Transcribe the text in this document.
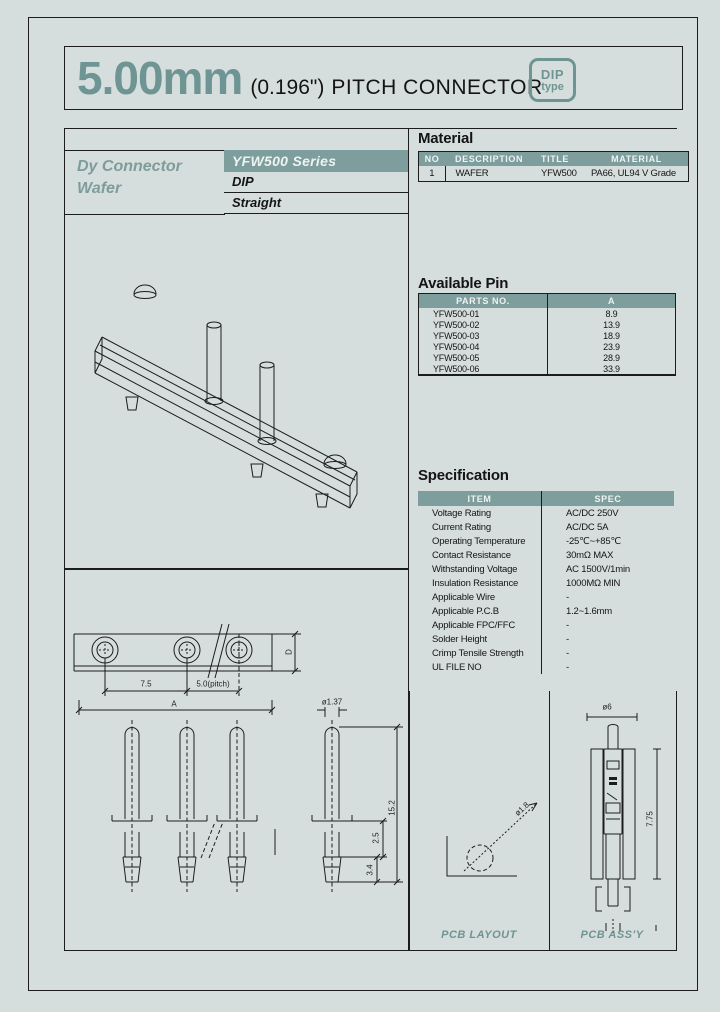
5.00mm (0.196") PITCH CONNECTOR
DIP
type
Dy Connector
Wafer
YFW500 Series
DIP
Straight
7.5	5.0(pitch)
A
D
ø1.37
15.2
2.5
3.4
Material
NO	DESCRIPTION	TITLE	MATERIAL
1	WAFER	YFW500	PA66, UL94 V Grade
Available Pin
PARTS NO.	A
YFW500-01	8.9
YFW500-02	13.9
YFW500-03	18.9
YFW500-04	23.9
YFW500-05	28.9
YFW500-06	33.9
Specification
ITEM	SPEC
Voltage Rating	AC/DC 250V
Current Rating	AC/DC 5A
Operating Temperature	-25℃~+85℃
Contact Resistance	30mΩ MAX
Withstanding Voltage	AC 1500V/1min
Insulation Resistance	1000MΩ MIN
Applicable Wire	-
Applicable P.C.B	1.2~1.6mm
Applicable FPC/FFC	-
Solder Height	-
Crimp Tensile Strength	-
UL FILE NO	-
ø1.8
ø6
7.75
PCB LAYOUT	PCB ASS'Y
